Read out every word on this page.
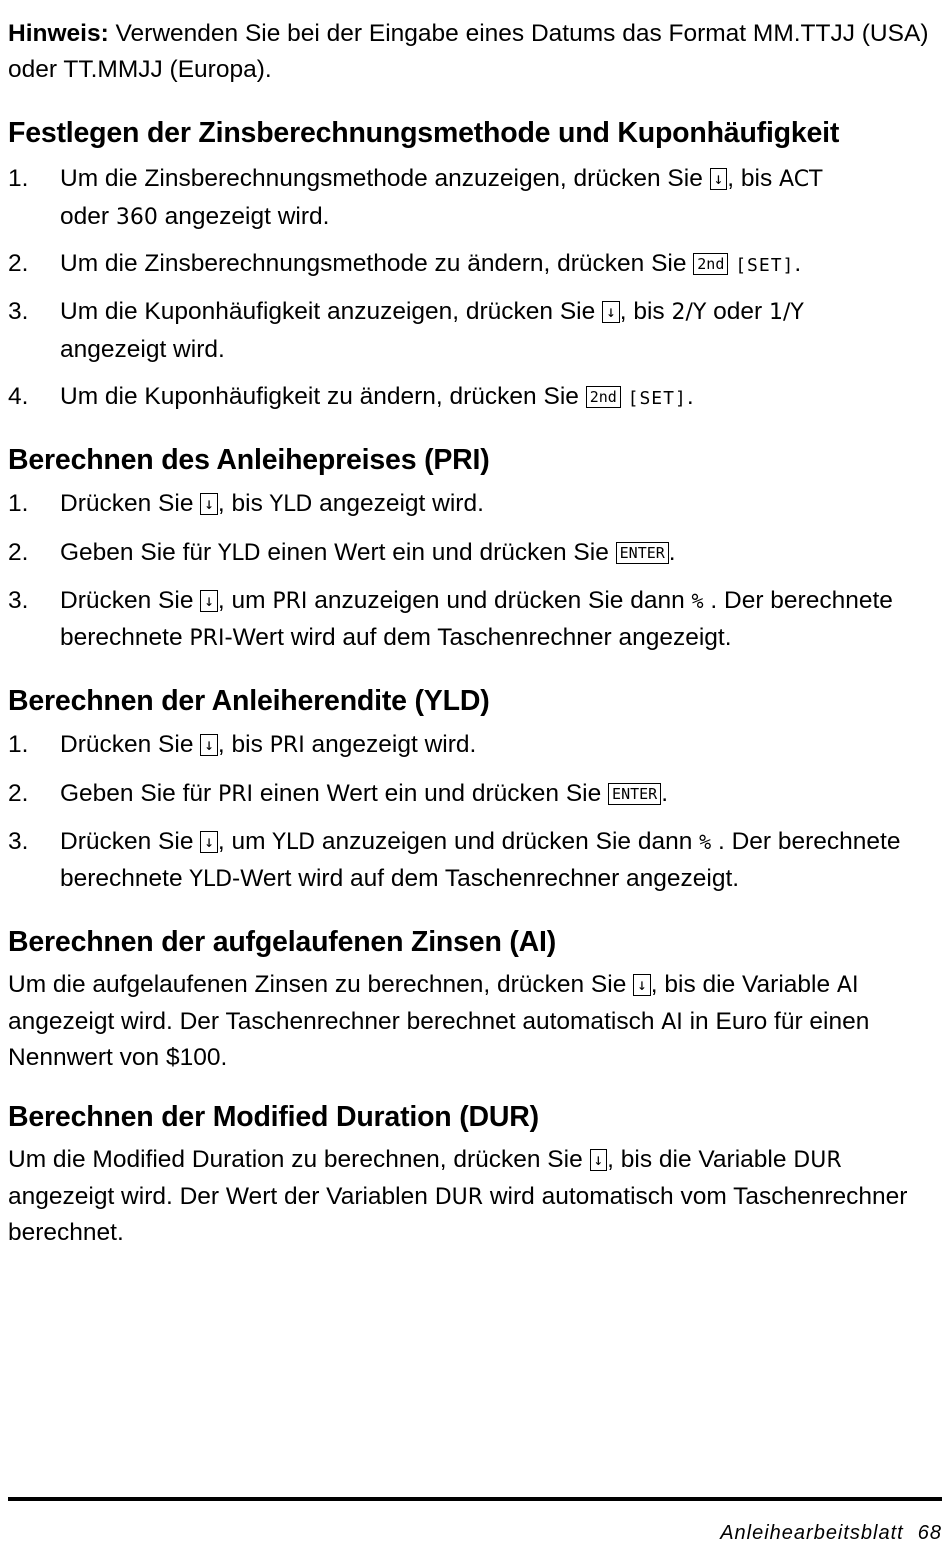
Hinweis: Verwenden Sie bei der Eingabe eines Datums das Format MM.TTJJ (USA) oder TT.MMJJ (Europa).
Festlegen der Zinsberechnungsmethode und Kuponhäufigkeit
1. Um die Zinsberechnungsmethode anzuzeigen, drücken Sie ↓ , bis ACT
oder 360 angezeigt wird.
2. Um die Zinsberechnungsmethode zu ändern, drücken Sie 2nd [SET].
3. Um die Kuponhäufigkeit anzuzeigen, drücken Sie ↓ , bis 2/Y oder 1/Y
angezeigt wird.
4. Um die Kuponhäufigkeit zu ändern, drücken Sie 2nd [SET].
Berechnen des Anleihepreises (PRI)
1. Drücken Sie ↓ , bis YLD angezeigt wird.
2. Geben Sie für YLD einen Wert ein und drücken Sie ENTER .
3. Drücken Sie ↓ , um PRI anzuzeigen und drücken Sie dann % . Der berechnete

berechnete PRI-Wert wird auf dem Taschenrechner angezeigt.
Berechnen der Anleiherendite (YLD)
1. Drücken Sie ↓ , bis PRI angezeigt wird.
2. Geben Sie für PRI einen Wert ein und drücken Sie ENTER .
3. Drücken Sie ↓ , um YLD anzuzeigen und drücken Sie dann % . Der berechnete
berechnete YLD-Wert wird auf dem Taschenrechner angezeigt.
Berechnen der aufgelaufenen Zinsen (AI)
Um die aufgelaufenen Zinsen zu berechnen, drücken Sie ↓ , bis die Variable AI angezeigt wird. Der Taschenrechner berechnet automatisch AI in Euro für einen Nennwert von $100.
Berechnen der Modified Duration (DUR)
Um die Modified Duration zu berechnen, drücken Sie ↓ , bis die Variable DUR angezeigt wird. Der Wert der Variablen DUR wird automatisch vom Taschenrechner berechnet.
Anleihearbeitsblatt 68
